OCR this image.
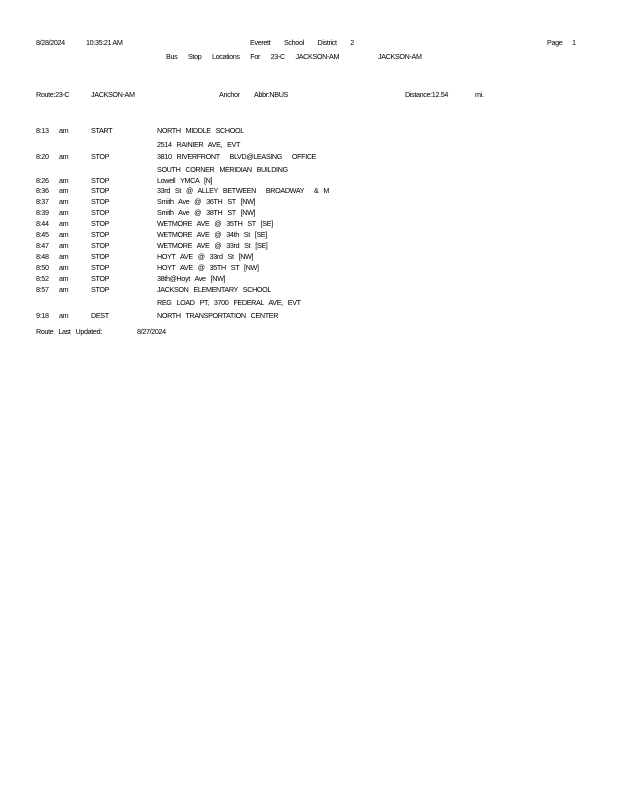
8/28/2024	10:35:21 AM	Everett School District 2	Page 1
Bus Stop Locations For 23-C JACKSON-AM	JACKSON-AM
Route:23-C	JACKSON-AM	Anchor Abbr:NBUS	Distance:12.54	mi.
8:13 am	START	NORTH   MIDDLE   SCHOOL
2514   RAINIER   AVE,   EVT
8:20 am	STOP	3810   RIVERFRONT      BLVD@LEASING      OFFICE
SOUTH   CORNER   MERIDIAN   BUILDING
8:26 am	STOP	Lowell   YMCA   [N]
8:36 am	STOP	33rd   St   @   ALLEY   BETWEEN      BROADWAY      &   M
8:37 am	STOP	Smith   Ave   @   36TH   ST   [NW]
8:39 am	STOP	Smith   Ave   @   38TH   ST   [NW]
8:44 am	STOP	WETMORE   AVE   @   35TH   ST   [SE]
8:45 am	STOP	WETMORE   AVE   @   34th   St   [SE]
8:47 am	STOP	WETMORE   AVE   @   33rd   St   [SE]
8:48 am	STOP	HOYT   AVE   @   33rd   St   [NW]
8:50 am	STOP	HOYT   AVE   @   35TH   ST   [NW]
8:52 am	STOP	38th@Hoyt   Ave   [NW]
8:57 am	STOP	JACKSON   ELEMENTARY   SCHOOL
REG   LOAD   PT,   3700   FEDERAL   AVE,   EVT
9:18 am	DEST	NORTH   TRANSPORTATION   CENTER
Route   Last   Updated:	8/27/2024
